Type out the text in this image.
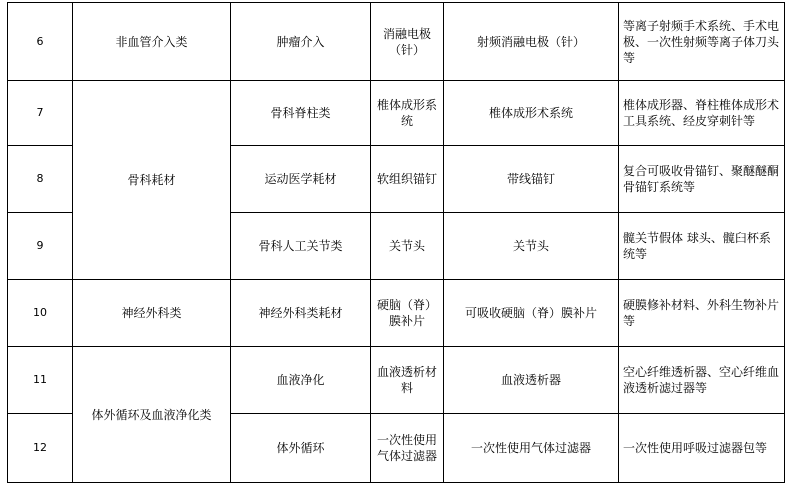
6	非血管介入类	肿瘤介入	消融电极（针）	射频消融电极（针）	等离子射频手术系统、手术电极、一次性射频等离子体刀头等
7	骨科耗材	骨科脊柱类	椎体成形系统	椎体成形术系统	椎体成形器、脊柱椎体成形术工具系统、经皮穿刺针等
8		运动医学耗材	软组织锚钉	带线锚钉	复合可吸收骨锚钉、聚醚醚酮骨锚钉系统等
9		骨科人工关节类	关节头	关节头	髋关节假体 球头、髋臼杯系统等
10	神经外科类	神经外科类耗材	硬脑（脊）膜补片	可吸收硬脑（脊）膜补片	硬膜修补材料、外科生物补片等
11	体外循环及血液净化类	血液净化	血液透析材料	血液透析器	空心纤维透析器、空心纤维血液透析滤过器等
12		体外循环	一次性使用气体过滤器	一次性使用气体过滤器	一次性使用呼吸过滤器包等
